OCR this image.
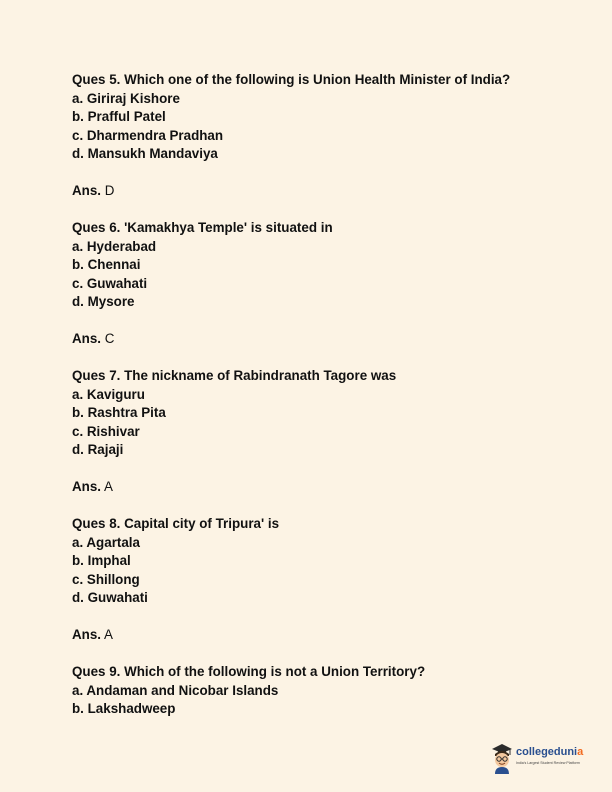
Ques 5. Which one of the following is Union Health Minister of India?
a. Giriraj Kishore
b. Prafful Patel
c. Dharmendra Pradhan
d. Mansukh Mandaviya
Ans. D
Ques 6. 'Kamakhya Temple' is situated in
a. Hyderabad
b. Chennai
c. Guwahati
d. Mysore
Ans. C
Ques 7. The nickname of Rabindranath Tagore was
a. Kaviguru
b. Rashtra Pita
c. Rishivar
d. Rajaji
Ans. A
Ques 8. Capital city of Tripura' is
a. Agartala
b. Imphal
c. Shillong
d. Guwahati
Ans. A
Ques 9. Which of the following is not a Union Territory?
a. Andaman and Nicobar Islands
b. Lakshadweep
collegedunia
India's Largest Student Review Platform
